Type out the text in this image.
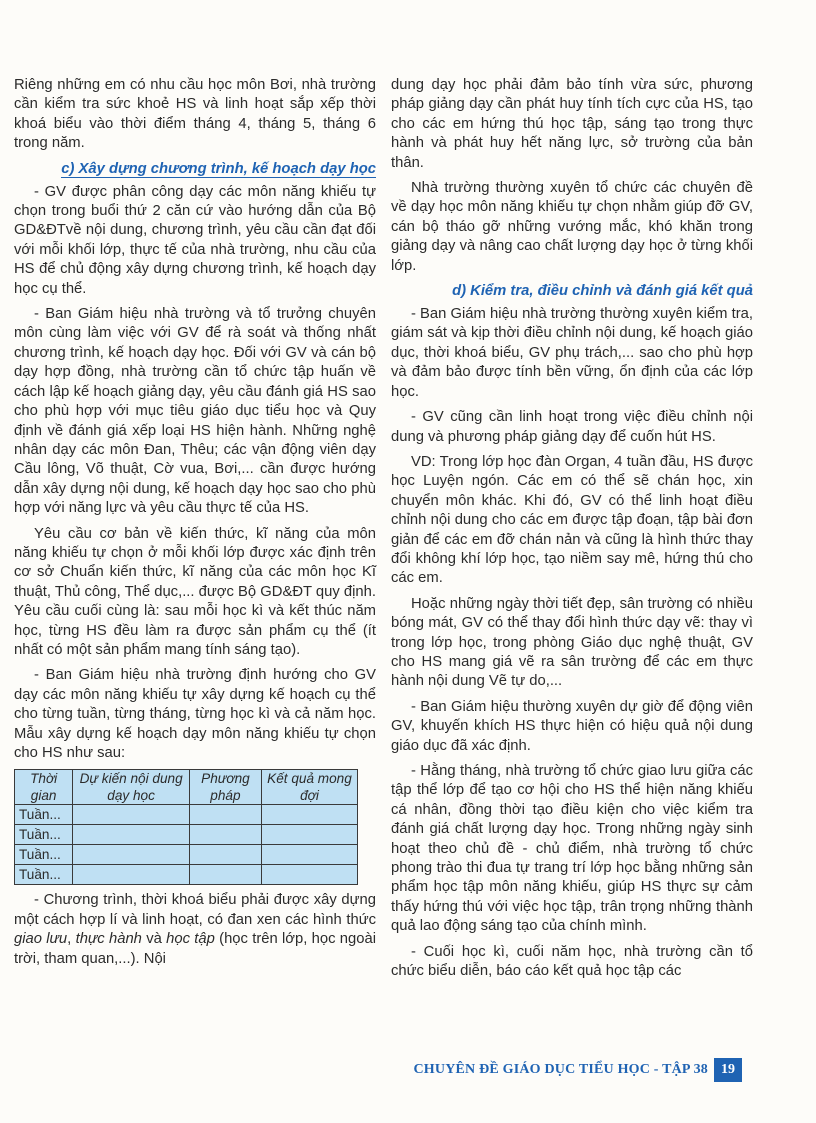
Riêng những em có nhu cầu học môn Bơi, nhà trường cần kiểm tra sức khoẻ HS và linh hoạt sắp xếp thời khoá biểu vào thời điểm tháng 4, tháng 5, tháng 6 trong năm.

c) Xây dựng chương trình, kế hoạch dạy học

- GV được phân công dạy các môn năng khiếu tự chọn trong buổi thứ 2 căn cứ vào hướng dẫn của Bộ GD&ĐTvề nội dung, chương trình, yêu cầu cần đạt đối với mỗi khối lớp, thực tế của nhà trường, nhu cầu của HS để chủ động xây dựng chương trình, kế hoạch dạy học cụ thể.

- Ban Giám hiệu nhà trường và tổ trưởng chuyên môn cùng làm việc với GV để rà soát và thống nhất chương trình, kế hoạch dạy học. Đối với GV và cán bộ dạy hợp đồng, nhà trường cần tổ chức tập huấn về cách lập kế hoạch giảng dạy, yêu cầu đánh giá HS sao cho phù hợp với mục tiêu giáo dục tiểu học và Quy định về đánh giá xếp loại HS hiện hành. Những nghệ nhân dạy các môn Đan, Thêu; các vận động viên dạy Cầu lông, Võ thuật, Cờ vua, Bơi,... cần được hướng dẫn xây dựng nội dung, kế hoạch dạy học sao cho phù hợp với năng lực và yêu cầu thực tế của HS.

Yêu cầu cơ bản về kiến thức, kĩ năng của môn năng khiếu tự chọn ở mỗi khối lớp được xác định trên cơ sở Chuẩn kiến thức, kĩ năng của các môn học Kĩ thuật, Thủ công, Thể dục,... được Bộ GD&ĐT quy định. Yêu cầu cuối cùng là: sau mỗi học kì và kết thúc năm học, từng HS đều làm ra được sản phẩm cụ thể (ít nhất có một sản phẩm mang tính sáng tạo).

- Ban Giám hiệu nhà trường định hướng cho GV dạy các môn năng khiếu tự xây dựng kế hoạch cụ thể cho từng tuần, từng tháng, từng học kì và cả năm học. Mẫu xây dựng kế hoạch dạy môn năng khiếu tự chọn cho HS như sau:

Thời gian	Dự kiến nội dung dạy học	Phương pháp	Kết quả mong đợi
Tuần...			
Tuần...			
Tuần...			
Tuần...			

- Chương trình, thời khoá biểu phải được xây dựng một cách hợp lí và linh hoạt, có đan xen các hình thức giao lưu, thực hành và học tập (học trên lớp, học ngoài trời, tham quan,...). Nội

dung dạy học phải đảm bảo tính vừa sức, phương pháp giảng dạy cần phát huy tính tích cực của HS, tạo cho các em hứng thú học tập, sáng tạo trong thực hành và phát huy hết năng lực, sở trường của bản thân.

Nhà trường thường xuyên tổ chức các chuyên đề về dạy học môn năng khiếu tự chọn nhằm giúp đỡ GV, cán bộ tháo gỡ những vướng mắc, khó khăn trong giảng dạy và nâng cao chất lượng dạy học ở từng khối lớp.

d) Kiểm tra, điều chỉnh và đánh giá kết quả

- Ban Giám hiệu nhà trường thường xuyên kiểm tra, giám sát và kịp thời điều chỉnh nội dung, kế hoạch giáo dục, thời khoá biểu, GV phụ trách,... sao cho phù hợp và đảm bảo được tính bền vững, ổn định của các lớp học.

- GV cũng cần linh hoạt trong việc điều chỉnh nội dung và phương pháp giảng dạy để cuốn hút HS.

VD: Trong lớp học đàn Organ, 4 tuần đầu, HS được học Luyện ngón. Các em có thể sẽ chán học, xin chuyển môn khác. Khi đó, GV có thể linh hoạt điều chỉnh nội dung cho các em được tập đoạn, tập bài đơn giản để các em đỡ chán nản và cũng là hình thức thay đổi không khí lớp học, tạo niềm say mê, hứng thú cho các em.

Hoặc những ngày thời tiết đẹp, sân trường có nhiều bóng mát, GV có thể thay đổi hình thức dạy vẽ: thay vì trong lớp học, trong phòng Giáo dục nghệ thuật, GV cho HS mang giá vẽ ra sân trường để các em thực hành nội dung Vẽ tự do,...

- Ban Giám hiệu thường xuyên dự giờ để động viên GV, khuyến khích HS thực hiện có hiệu quả nội dung giáo dục đã xác định.

- Hằng tháng, nhà trường tổ chức giao lưu giữa các tập thể lớp để tạo cơ hội cho HS thể hiện năng khiếu cá nhân, đồng thời tạo điều kiện cho việc kiểm tra đánh giá chất lượng dạy học. Trong những ngày sinh hoạt theo chủ đề - chủ điểm, nhà trường tổ chức phong trào thi đua tự trang trí lớp học bằng những sản phẩm học tập môn năng khiếu, giúp HS thực sự cảm thấy hứng thú với việc học tập, trân trọng những thành quả lao động sáng tạo của chính mình.

- Cuối học kì, cuối năm học, nhà trường cần tổ chức biểu diễn, báo cáo kết quả học tập các

CHUYÊN ĐỀ GIÁO DỤC TIỂU HỌC - TẬP 38 19
